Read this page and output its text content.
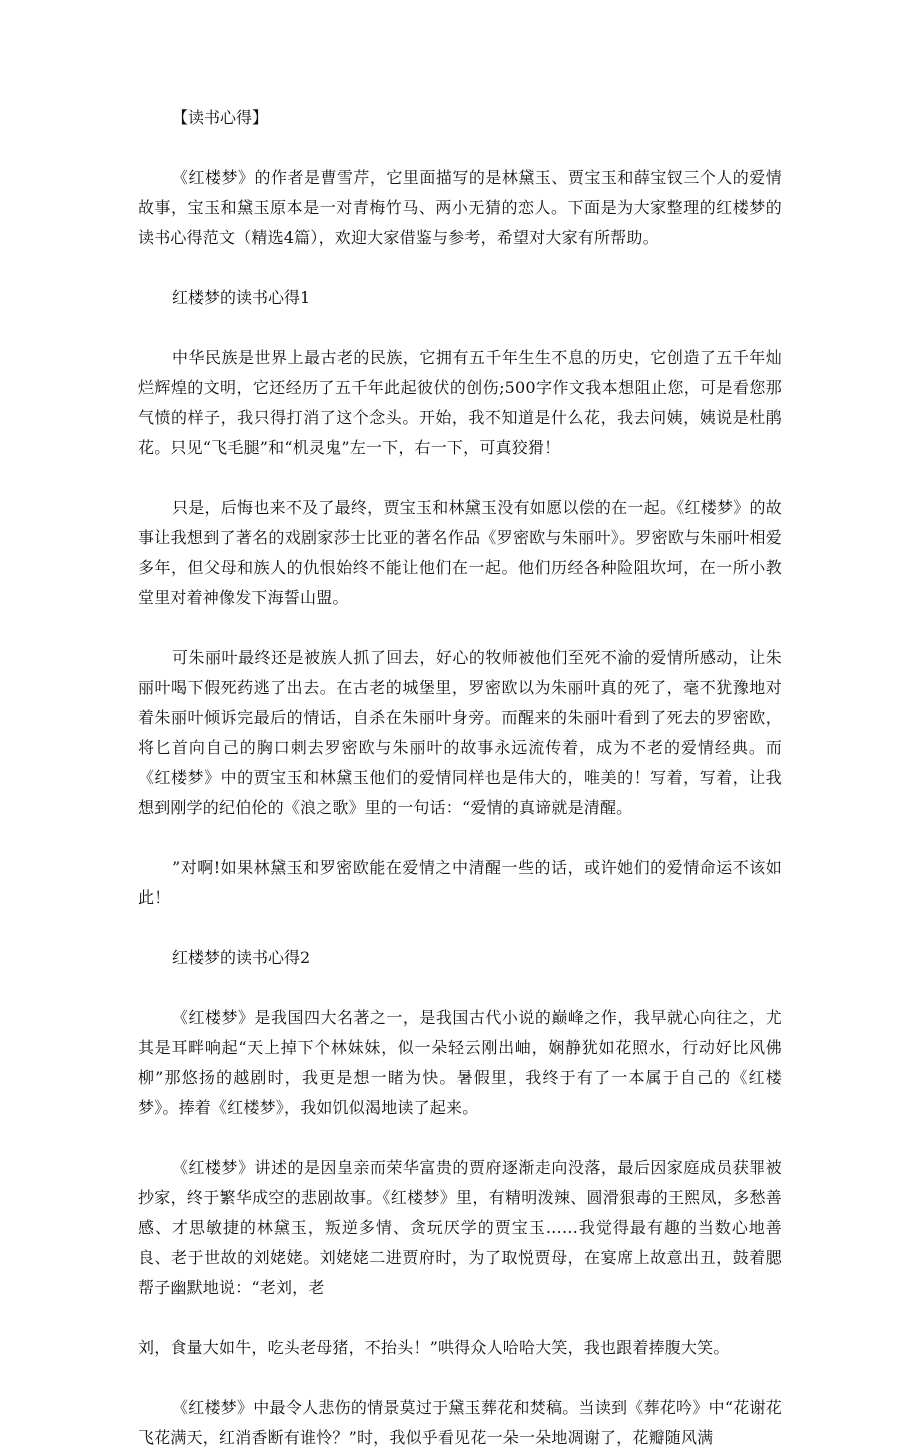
【读书心得】
《红楼梦》的作者是曹雪芹，它里面描写的是林黛玉、贾宝玉和薛宝钗三个人的爱情故事，宝玉和黛玉原本是一对青梅竹马、两小无猜的恋人。下面是为大家整理的红楼梦的读书心得范文（精选4篇），欢迎大家借鉴与参考，希望对大家有所帮助。
红楼梦的读书心得1
中华民族是世界上最古老的民族，它拥有五千年生生不息的历史，它创造了五千年灿烂辉煌的文明，它还经历了五千年此起彼伏的创伤;500字作文我本想阻止您，可是看您那气愤的样子，我只得打消了这个念头。开始，我不知道是什么花，我去问姨，姨说是杜鹃花。只见“飞毛腿”和“机灵鬼”左一下，右一下，可真狡猾！
只是，后悔也来不及了最终，贾宝玉和林黛玉没有如愿以偿的在一起。《红楼梦》的故事让我想到了著名的戏剧家莎士比亚的著名作品《罗密欧与朱丽叶》。罗密欧与朱丽叶相爱多年，但父母和族人的仇恨始终不能让他们在一起。他们历经各种险阻坎坷，在一所小教堂里对着神像发下海誓山盟。
可朱丽叶最终还是被族人抓了回去，好心的牧师被他们至死不渝的爱情所感动，让朱丽叶喝下假死药逃了出去。在古老的城堡里，罗密欧以为朱丽叶真的死了，毫不犹豫地对着朱丽叶倾诉完最后的情话，自杀在朱丽叶身旁。而醒来的朱丽叶看到了死去的罗密欧，将匕首向自己的胸口刺去罗密欧与朱丽叶的故事永远流传着，成为不老的爱情经典。而《红楼梦》中的贾宝玉和林黛玉他们的爱情同样也是伟大的，唯美的！写着，写着，让我想到刚学的纪伯伦的《浪之歌》里的一句话：“爱情的真谛就是清醒。
”对啊!如果林黛玉和罗密欧能在爱情之中清醒一些的话，或许她们的爱情命运不该如此！
红楼梦的读书心得2
《红楼梦》是我国四大名著之一，是我国古代小说的巅峰之作，我早就心向往之，尤其是耳畔响起“天上掉下个林妹妹，似一朵轻云刚出岫，娴静犹如花照水，行动好比风佛柳”那悠扬的越剧时，我更是想一睹为快。暑假里，我终于有了一本属于自己的《红楼梦》。捧着《红楼梦》，我如饥似渴地读了起来。
《红楼梦》讲述的是因皇亲而荣华富贵的贾府逐渐走向没落，最后因家庭成员获罪被抄家，终于繁华成空的悲剧故事。《红楼梦》里，有精明泼辣、圆滑狠毒的王熙凤，多愁善感、才思敏捷的林黛玉，叛逆多情、贪玩厌学的贾宝玉……我觉得最有趣的当数心地善良、老于世故的刘姥姥。刘姥姥二进贾府时，为了取悦贾母，在宴席上故意出丑，鼓着腮帮子幽默地说：“老刘，老
刘，食量大如牛，吃头老母猪，不抬头！”哄得众人哈哈大笑，我也跟着捧腹大笑。
《红楼梦》中最令人悲伤的情景莫过于黛玉葬花和焚稿。当读到《葬花吟》中“花谢花飞花满天，红消香断有谁怜？”时，我似乎看见花一朵一朵地凋谢了，花瓣随风满
